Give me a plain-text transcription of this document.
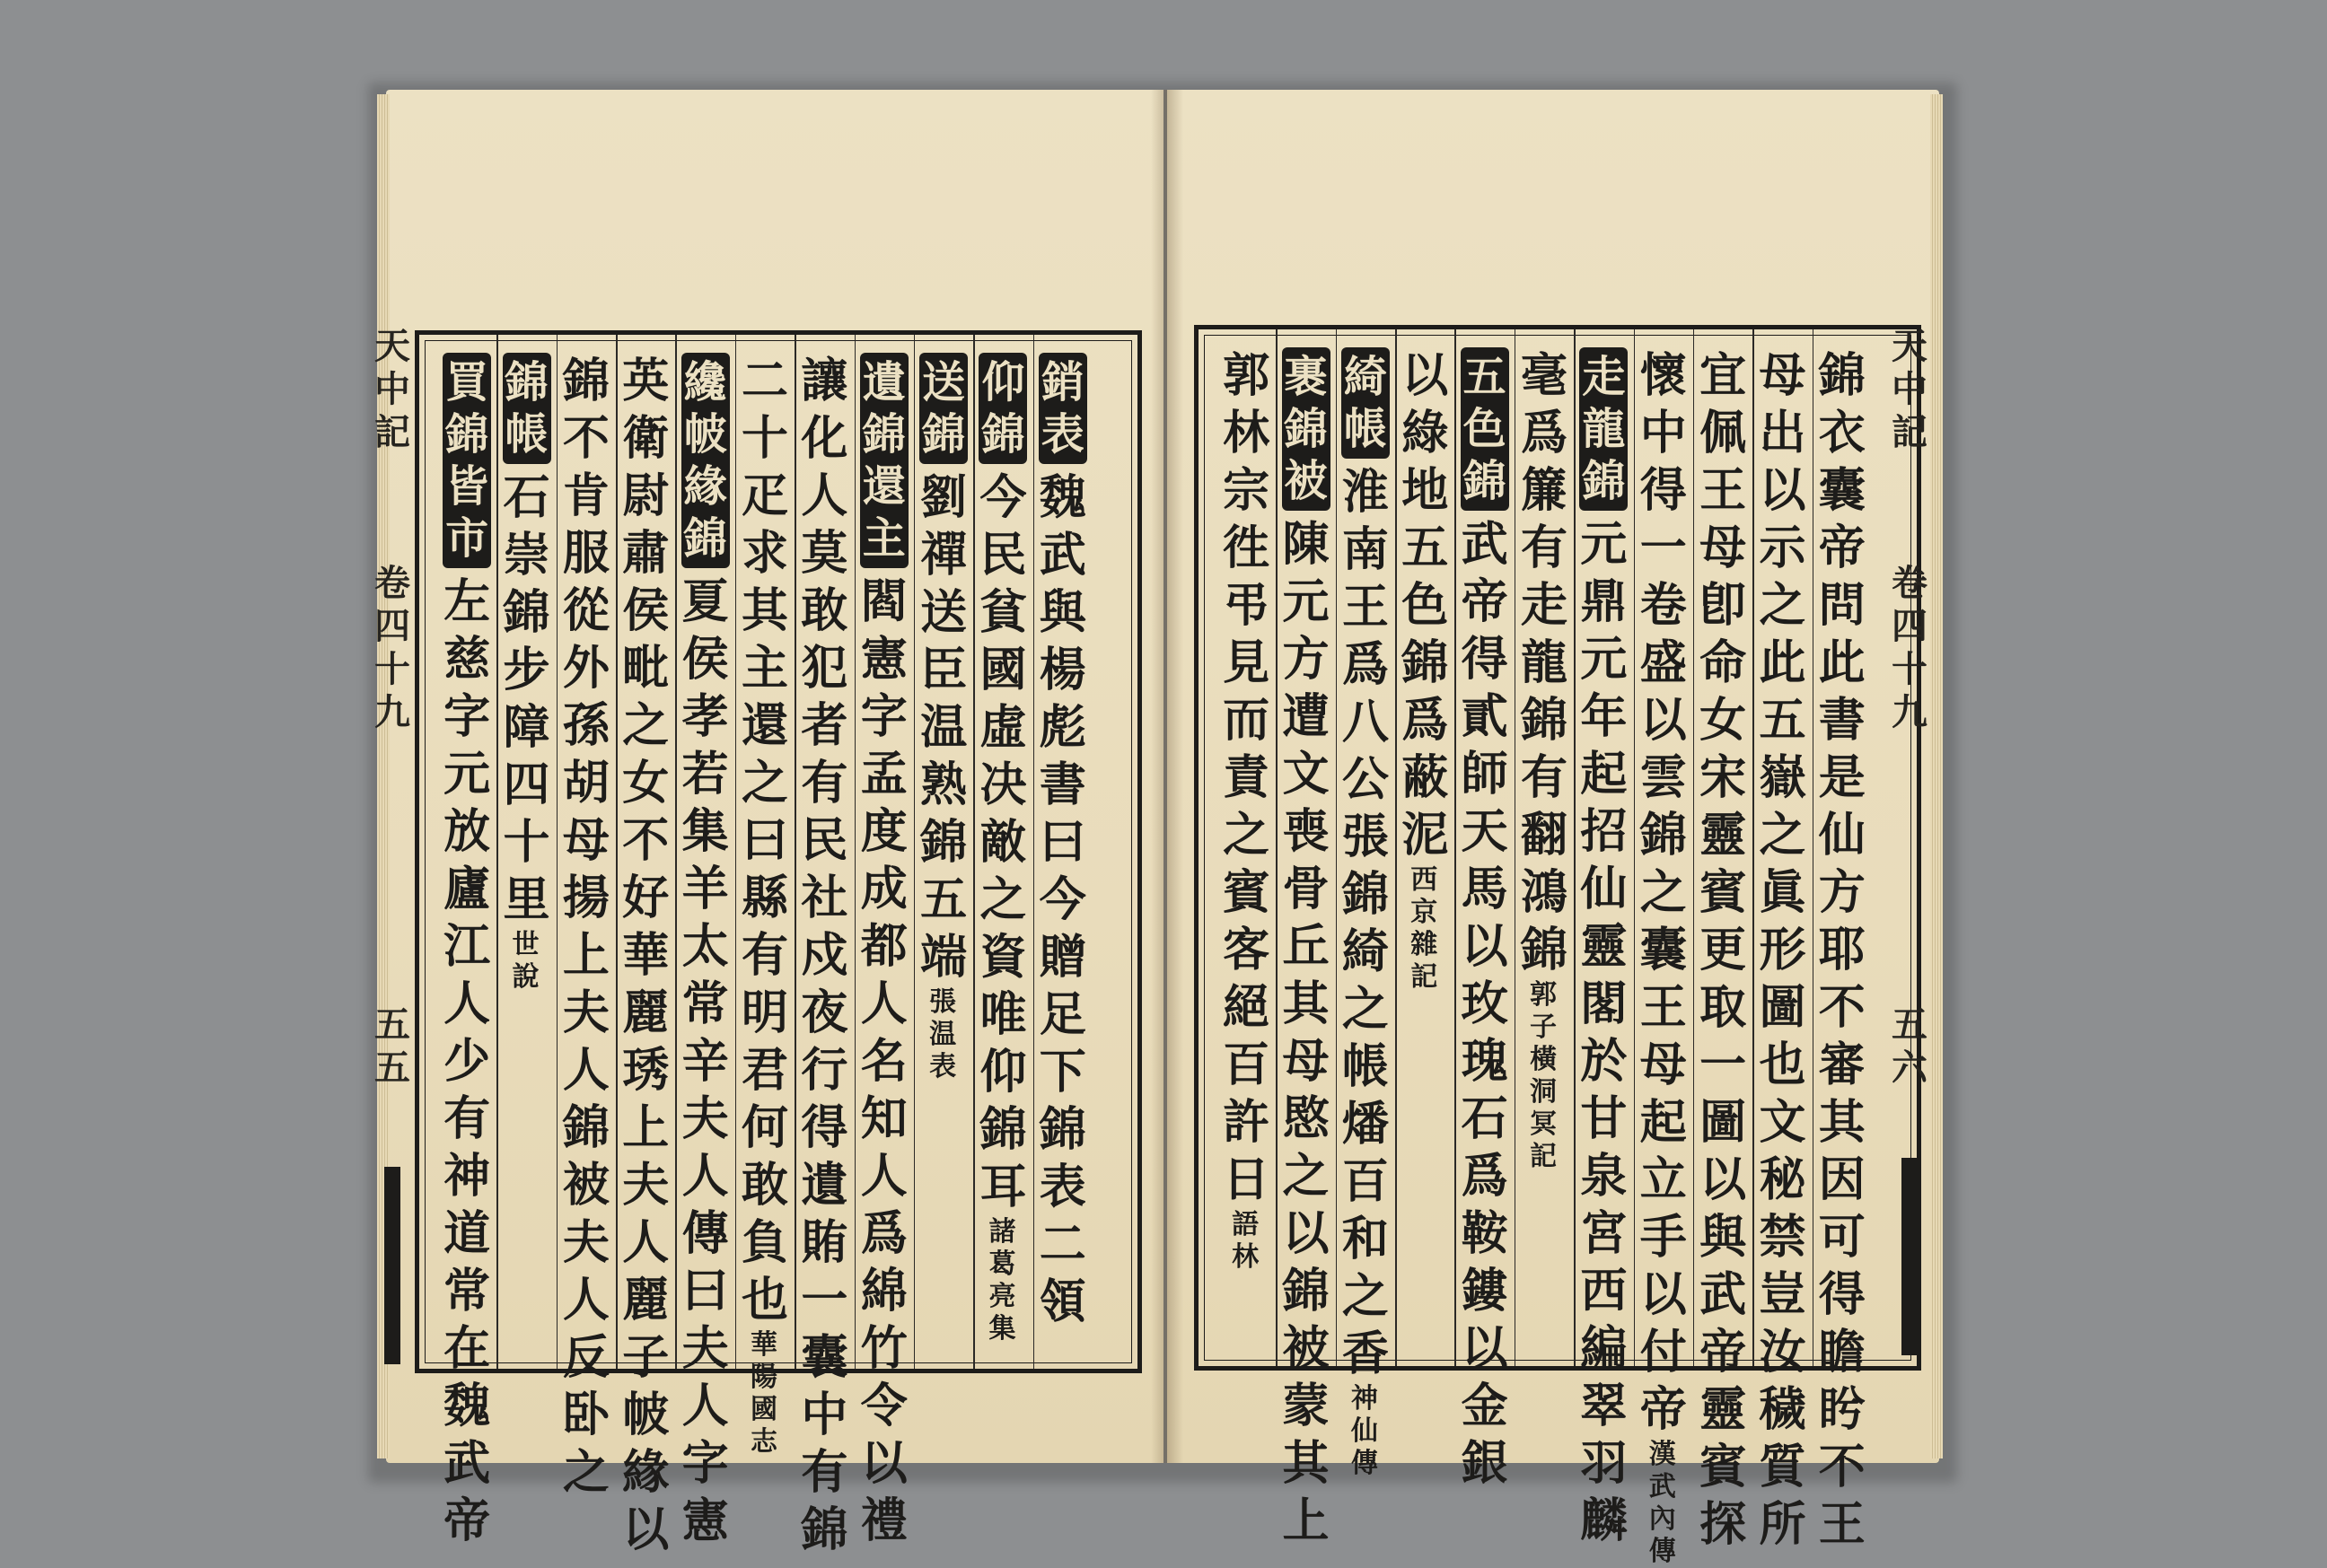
銷
表
魏
武
與
楊
彪
書
曰
今
贈
足
下
錦
表
二
領
仰
錦
今
民
貧
國
虛
决
敵
之
資
唯
仰
錦
耳
諸
葛
亮
集
送
錦
劉
禪
送
臣
温
熟
錦
五
端
張
温
表
遺
錦
還
主
閻
憲
字
孟
度
成
都
人
名
知
人
爲
綿
竹
令
以
禮
讓
化
人
莫
敢
犯
者
有
民
社
戍
夜
行
得
遺
賄
一
囊
中
有
錦
二
十
疋
求
其
主
還
之
曰
縣
有
明
君
何
敢
負
也
華
陽
國
志
纔
帔
緣
錦
夏
侯
孝
若
集
羊
太
常
辛
夫
人
傳
曰
夫
人
字
憲
英
衛
尉
肅
侯
毗
之
女
不
好
華
麗
琇
上
夫
人
麗
子
帔
緣
以
錦
不
肯
服
從
外
孫
胡
母
揚
上
夫
人
錦
被
夫
人
反
卧
之
錦
帳
石
崇
錦
步
障
四
十
里
世
說
買
錦
皆
市
左
慈
字
元
放
廬
江
人
少
有
神
道
常
在
魏
武
帝
天
中
記
卷
四
十
九
五
五
錦
衣
囊
帝
問
此
書
是
仙
方
耶
不
審
其
因
可
得
瞻
盻
不
王
母
出
以
示
之
此
五
嶽
之
眞
形
圖
也
文
秘
禁
豈
汝
穢
質
所
宜
佩
王
母
卽
命
女
宋
靈
賓
更
取
一
圖
以
與
武
帝
靈
賓
探
懷
中
得
一
卷
盛
以
雲
錦
之
囊
王
母
起
立
手
以
付
帝
漢
武
內
傳
走
龍
錦
元
鼎
元
年
起
招
仙
靈
閣
於
甘
泉
宮
西
編
翠
羽
麟
毫
爲
簾
有
走
龍
錦
有
翻
鴻
錦
郭
子
橫
洞
冥
記
五
色
錦
武
帝
得
貳
師
天
馬
以
玫
瑰
石
爲
鞍
鏤
以
金
銀
以
綠
地
五
色
錦
爲
蔽
泥
西
京
雜
記
綺
帳
淮
南
王
爲
八
公
張
錦
綺
之
帳
燔
百
和
之
香
神
仙
傳
裹
錦
被
陳
元
方
遭
文
喪
骨
丘
其
母
愍
之
以
錦
被
蒙
其
上
郭
林
宗
徃
弔
見
而
責
之
賓
客
絕
百
許
日
語
林
天
中
記
卷
四
十
九
五
六
